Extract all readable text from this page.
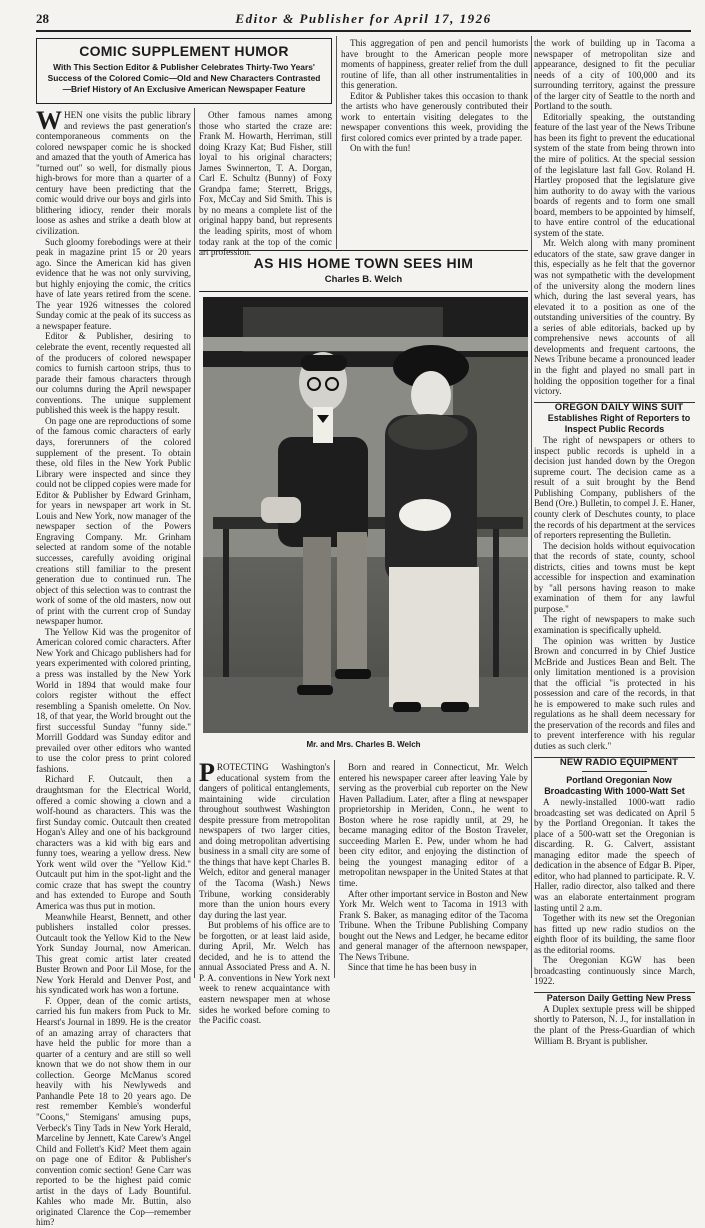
28	Editor & Publisher for April 17, 1926
COMIC SUPPLEMENT HUMOR

With This Section Editor & Publisher Celebrates Thirty-Two Years'
Success of the Colored Comic—Old and New Characters Contrasted
—Brief History of An Exclusive American Newspaper Feature

WHEN one visits the public library and reviews the past generation's contemporaneous comments on the colored newspaper comic he is shocked and amazed that the youth of America has "turned out" so well, for dismally pious high-brows for more than a quarter of a century have been predicting that the comic would drive our boys and girls into blithering idiocy, render their morals loose as ashes and strike a death blow at civilization.

Such gloomy forebodings were at their peak in magazine print 15 or 20 years ago. Since the American kid has given evidence that he was not only surviving, but highly enjoying the comic, the critics have of late years retired from the scene. The year 1926 witnesses the colored Sunday comic at the peak of its success as a newspaper feature.

Editor & Publisher, desiring to celebrate the event, recently requested all of the producers of colored newspaper comics to furnish cartoon strips, thus to parade their famous characters through our columns during the April newspaper conventions. The unique supplement published this week is the happy result.

On page one are reproductions of some of the famous comic characters of early days, forerunners of the colored supplement of the present. To obtain these, old files in the New York Public Library were inspected and since they could not be clipped copies were made for Editor & Publisher by Edward Grinham, for years in newspaper art work in St. Louis and New York, now manager of the newspaper section of the Powers Engraving Company. Mr. Grinham selected at random some of the notable successes, carefully avoiding original creations still familiar to the present generation due to continued run. The object of this selection was to contrast the work of some of the old masters, now out of print with the current crop of Sunday newspaper humor.

The Yellow Kid was the progenitor of American colored comic characters. After New York and Chicago publishers had for years experimented with colored printing, a press was installed by the New York World in 1894 that would make four colors register without the effect resembling a Spanish omelette. On Nov. 18, of that year, the World brought out the first successful Sunday "funny side." Morrill Goddard was Sunday editor and prevailed over other editors who wanted to use the color press to print colored fashions.

Richard F. Outcault, then a draughtsman for the Electrical World, offered a comic showing a clown and a wolf-hound as characters. This was the first Sunday comic. Outcault then created Hogan's Alley and one of his background characters was a kid with big ears and funny toes, wearing a yellow dress. New York went wild over the "Yellow Kid." Outcault put him in the spot-light and the comic craze that has swept the country and has extended to Europe and South America was thus put in motion.

Meanwhile Hearst, Bennett, and other publishers installed color presses. Outcault took the Yellow Kid to the New York Sunday Journal, now American. This great comic artist later created Buster Brown and Poor Lil Mose, for the New York Herald and Denver Post, and his syndicated work has won a fortune.

F. Opper, dean of the comic artists, carried his fun makers from Puck to Mr. Hearst's Journal in 1899. He is the creator of an amazing array of characters that have held the public for more than a quarter of a century and are still so well known that we do not show them in our collection. George McManus scored heavily with his Newlyweds and Panhandle Pete 18 to 20 years ago. De rest remember Kemble's wonderful "Coons," Stemigans' amusing pups, Verbeck's Tiny Tads in New York Herald, Marceline by Jennett, Kate Carew's Angel Child and Follett's Kid? Meet them again on page one of Editor & Publisher's convention comic section! Gene Carr was reported to be the highest paid comic artist in the days of Lady Bountiful. Kahles who made Mr. Buttin, also originated Clarence the Cop—remember him?

Other famous names among those who started the craze are: Frank M. Howarth, Herriman, still doing Krazy Kat; Bud Fisher, still loyal to his original characters; James Swinnerton, T. A. Dorgan, Carl E. Schultz (Bunny) of Foxy Grandpa fame; Sterrett, Briggs, Fox, McCay and Sid Smith. This is by no means a complete list of the original happy band, but represents the leading spirits, most of whom today rank at the top of the comic art profession.

This aggregation of pen and pencil humorists have brought to the American people more moments of happiness, greater relief from the dull routine of life, than all other instrumentalities in this generation.

Editor & Publisher takes this occasion to thank the artists who have generously contributed their work to entertain visiting delegates to the newspaper conventions this week, providing the first colored comics ever printed by a trade paper.

On with the fun!

AS HIS HOME TOWN SEES HIM
Charles B. Welch
Mr. and Mrs. Charles B. Welch

PROTECTING Washington's educational system from the dangers of political entanglements, maintaining wide circulation throughout southwest Washington despite pressure from metropolitan newspapers of two larger cities, and doing metropolitan advertising business in a small city are some of the things that have kept Charles B. Welch, editor and general manager of the Tacoma (Wash.) News Tribune, working considerably more than the union hours every day during the last year.

But problems of his office are to be forgotten, or at least laid aside, during April, Mr. Welch has decided, and he is to attend the annual Associated Press and A. N. P. A. conventions in New York next week to renew acquaintance with eastern newspaper men at whose sides he worked before coming to the Pacific coast.

Born and reared in Connecticut, Mr. Welch entered his newspaper career after leaving Yale by serving as the proverbial cub reporter on the New Haven Palladium. Later, after a fling at newspaper proprietorship in Meriden, Conn., he went to Boston where he rose rapidly until, at 29, he became managing editor of the Boston Traveler, succeeding Marlen E. Pew, under whom he had been city editor, and enjoying the distinction of being the youngest managing editor of a metropolitan newspaper in the United States at that time.

After other important service in Boston and New York Mr. Welch went to Tacoma in 1913 with Frank S. Baker, as managing editor of the Tacoma Tribune. When the Tribune Publishing Company bought out the News and Ledger, he became editor and general manager of the afternoon newspaper, The News Tribune.

Since that time he has been busy in

the work of building up in Tacoma a newspaper of metropolitan size and appearance, designed to fit the peculiar needs of a city of 100,000 and its surrounding territory, against the pressure of the larger city of Seattle to the north and Portland to the south.

Editorially speaking, the outstanding feature of the last year of the News Tribune has been its fight to prevent the educational system of the state from being thrown into the mire of politics. At the special session of the legislature last fall Gov. Roland H. Hartley proposed that the legislature give him authority to do away with the various boards of regents and to form one small board, members to be appointed by himself, to have entire control of the educational system of the state.

Mr. Welch along with many prominent educators of the state, saw grave danger in this, especially as he felt that the governor was not sympathetic with the development of the university along the modern lines which, during the last several years, has elevated it to a position as one of the outstanding universities of the country. By a series of able editorials, backed up by comprehensive news accounts of all developments and frequent cartoons, the News Tribune became a pronounced leader in the fight and played no small part in holding the opposition together for a final victory.

OREGON DAILY WINS SUIT

Establishes Right of Reporters to Inspect Public Records

The right of newspapers or others to inspect public records is upheld in a decision just handed down by the Oregon supreme court. The decision came as a result of a suit brought by the Bend Publishing Company, publishers of the Bend (Ore.) Bulletin, to compel J. E. Haner, county clerk of Deschutes county, to place the records of his department at the services of reporters representing the Bulletin.

The decision holds without equivocation that the records of state, county, school districts, cities and towns must be kept accessible for inspection and examination by "all persons having reason to make examination of them for any lawful purpose."

The right of newspapers to make such examination is specifically upheld.

The opinion was written by Justice Brown and concurred in by Chief Justice McBride and Justices Bean and Belt. The only limitation mentioned is a provision that the official "is protected in his possession and care of the records, in that he is empowered to make such rules and regulations as he shall deem necessary for the preservation of the records and files and to prevent interference with his regular duties as such clerk."

NEW RADIO EQUIPMENT

Portland Oregonian Now Broadcasting With 1000-Watt Set

A newly-installed 1000-watt radio broadcasting set was dedicated on April 5 by the Portland Oregonian. It takes the place of a 500-watt set the Oregonian is discarding. R. G. Calvert, assistant managing editor made the speech of dedication in the absence of Edgar B. Piper, editor, who had planned to participate. R. V. Haller, radio director, also talked and there was an elaborate entertainment program lasting until 2 a.m.

Together with its new set the Oregonian has fitted up new radio studios on the eighth floor of its building, the same floor as the editorial rooms.

The Oregonian KGW has been broadcasting continuously since March, 1922.

Paterson Daily Getting New Press

A Duplex sextuple press will be shipped shortly to Paterson, N. J., for installation in the plant of the Press-Guardian of which William B. Bryant is publisher.
